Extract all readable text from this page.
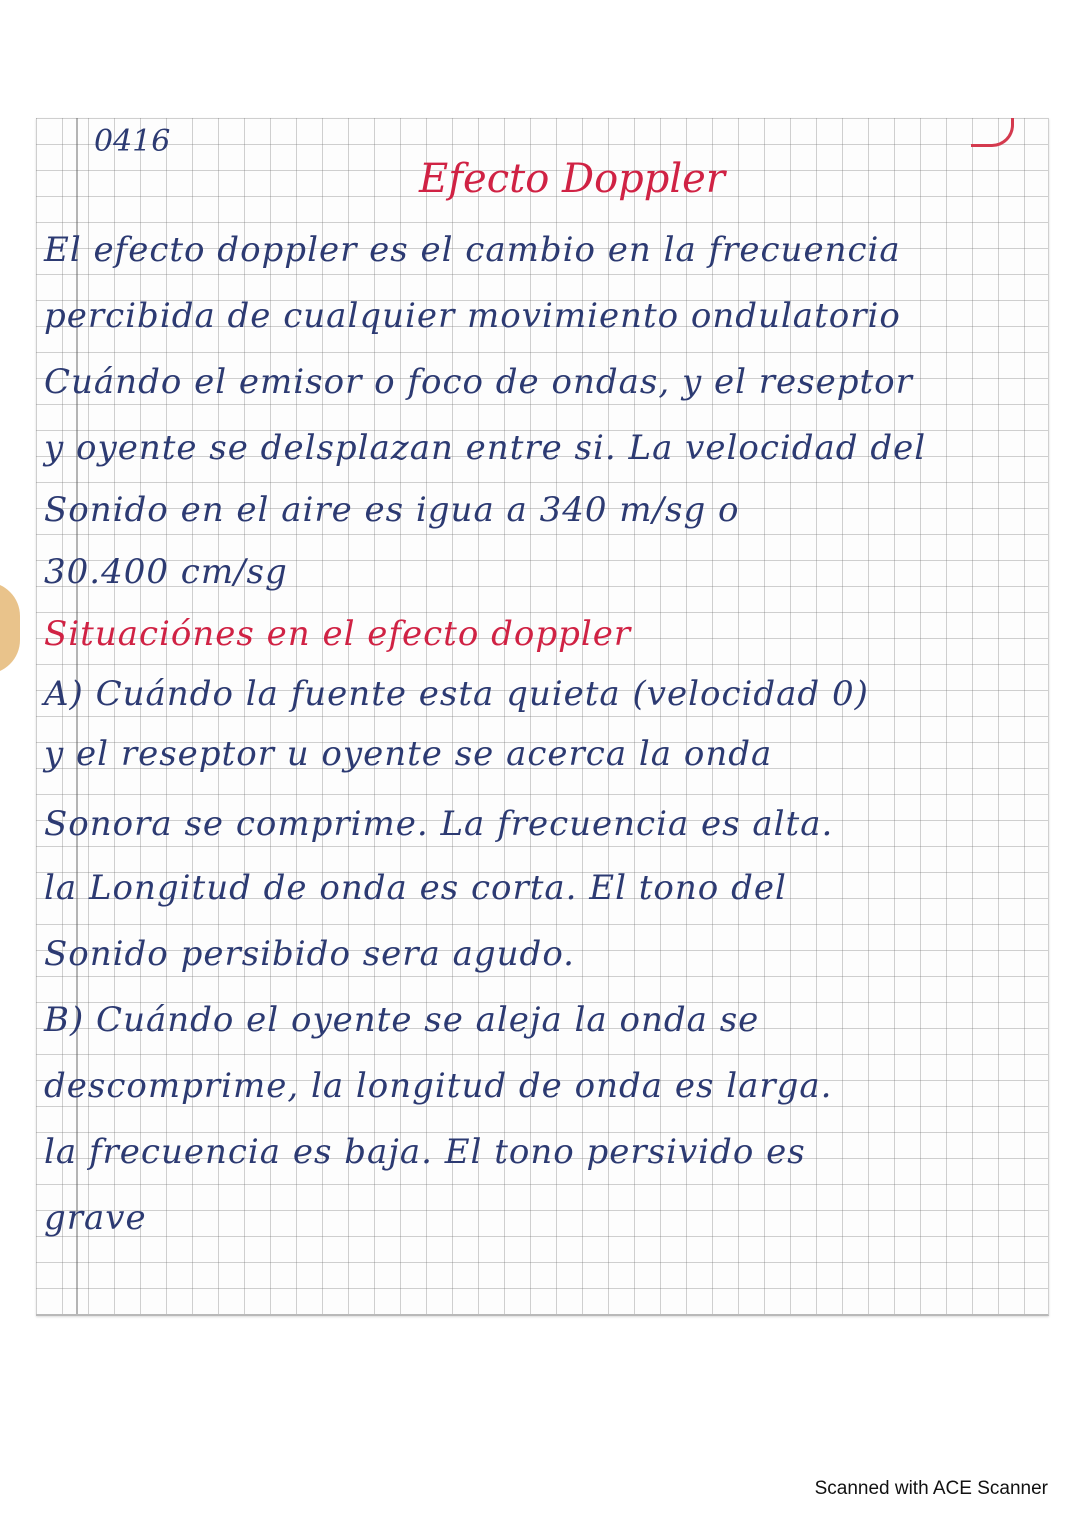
0416
Efecto Doppler
El efecto doppler es el cambio en la frecuencia
percibida de cualquier movimiento ondulatorio
Cuándo el emisor o foco de ondas, y el reseptor
y oyente se delsplazan entre si. La velocidad del
Sonido en el aire es igua a 340 m/sg o
30.400 cm/sg
Situaciónes en el efecto doppler
A) Cuándo la fuente esta quieta (velocidad 0)
y el reseptor u oyente se acerca la onda
Sonora se comprime. La frecuencia es alta.
la Longitud de onda es corta. El tono del
Sonido persibido sera agudo.
B) Cuándo el oyente se aleja la onda se
descomprime, la longitud de onda es larga.
la frecuencia es baja. El tono persivido es
grave
Scanned with ACE Scanner
